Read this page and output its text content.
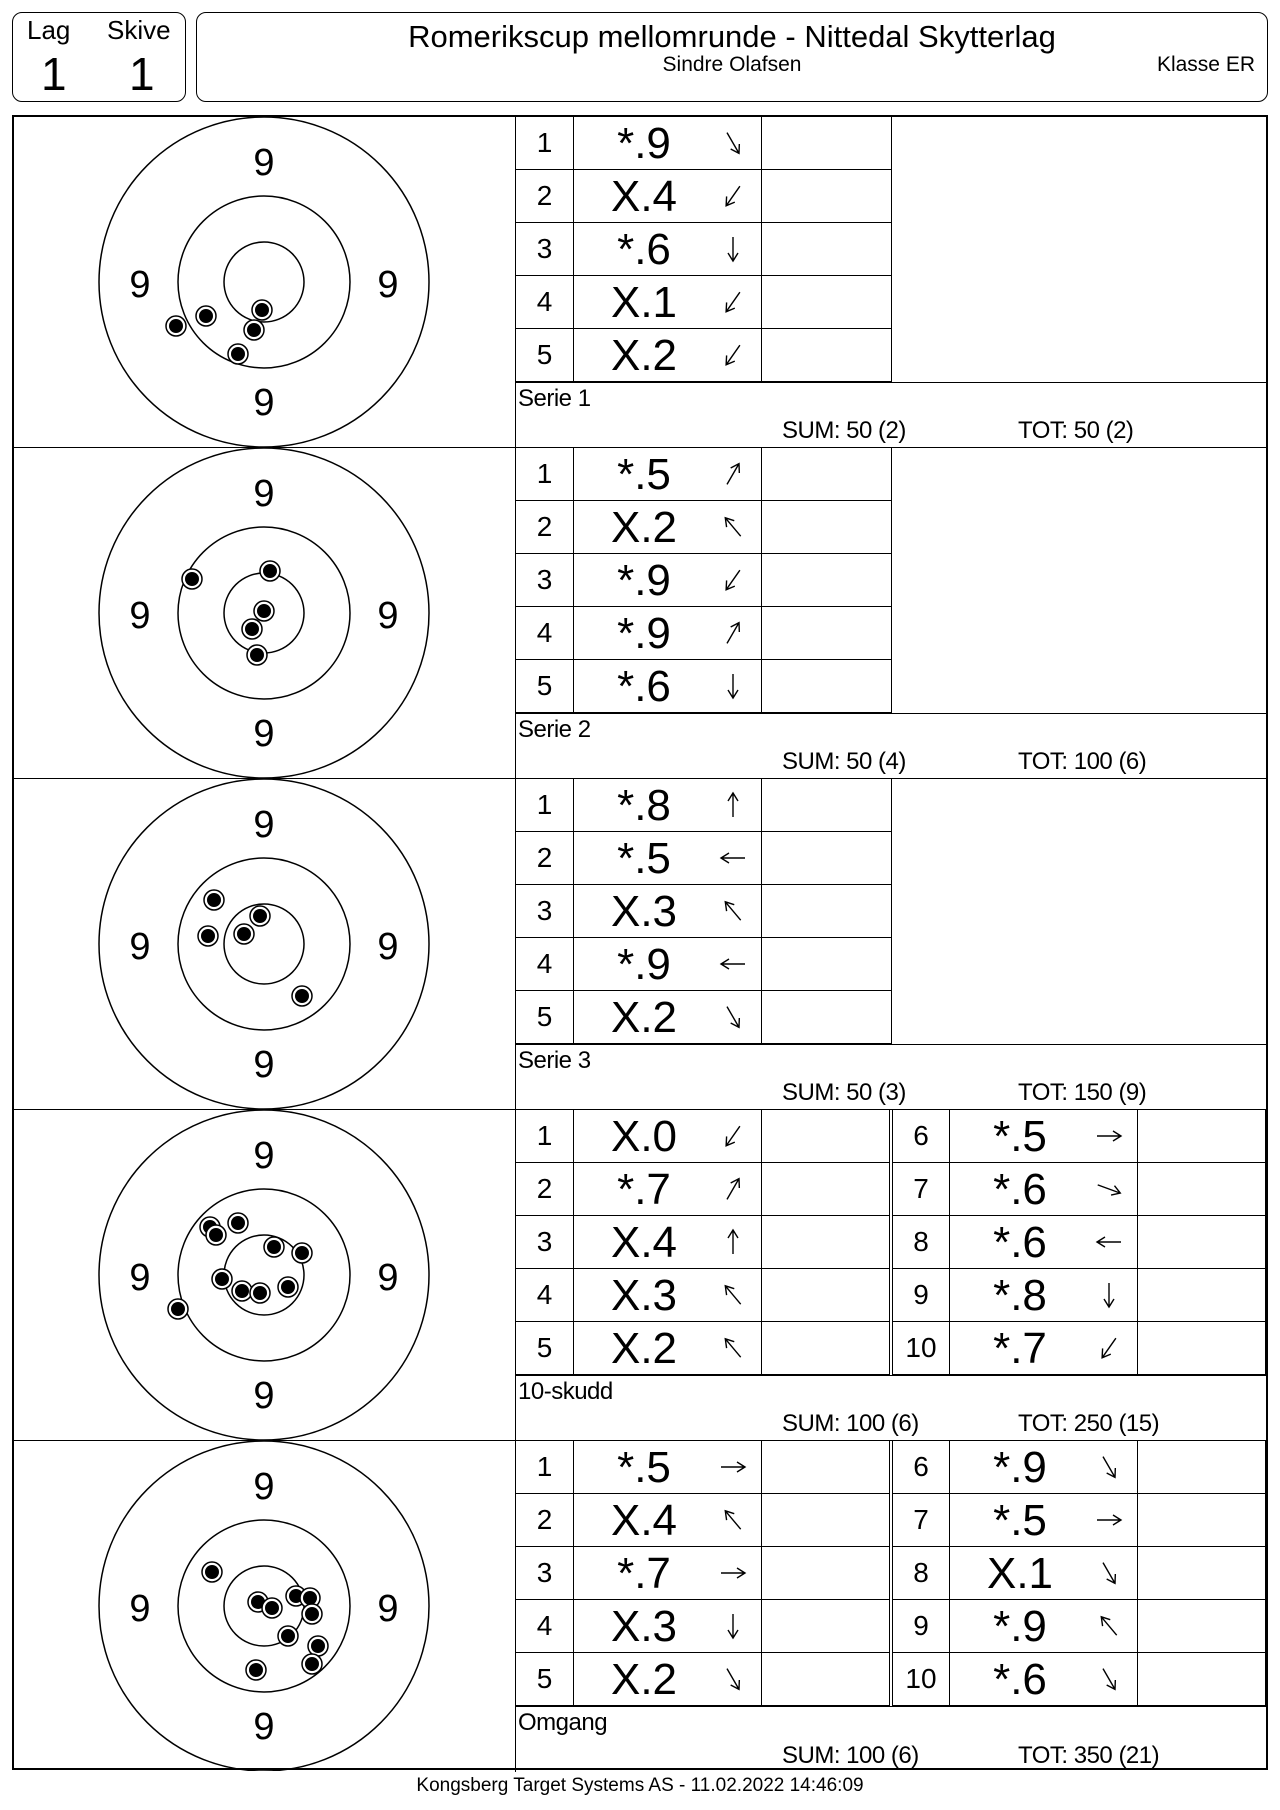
Lag Skive
1 1
Romerikscup mellomrunde - Nittedal Skytterlag
Sindre Olafsen	Klasse ER
9
9
9	9
1	*.9
2	X.4
3	*.6
4	X.1
5	X.2
Serie 1
SUM: 50 (2)	TOT: 50 (2)
9
9
9	9
1	*.5
2	X.2
3	*.9
4	*.9
5	*.6
Serie 2
SUM: 50 (4)	TOT: 100 (6)
9
9
9	9
1	*.8
2	*.5
3	X.3
4	*.9
5	X.2
Serie 3
SUM: 50 (3)	TOT: 150 (9)
9
9
9	9
1	X.0
2	*.7
3	X.4
4	X.3
5	X.2
6	*.5
7	*.6
8	*.6
9	*.8
10	*.7
10-skudd
SUM: 100 (6)	TOT: 250 (15)
9
9
9	9
1	*.5
2	X.4
3	*.7
4	X.3
5	X.2
6	*.9
7	*.5
8	X.1
9	*.9
10	*.6
Omgang
SUM: 100 (6)	TOT: 350 (21)
Kongsberg Target Systems AS - 11.02.2022 14:46:09
